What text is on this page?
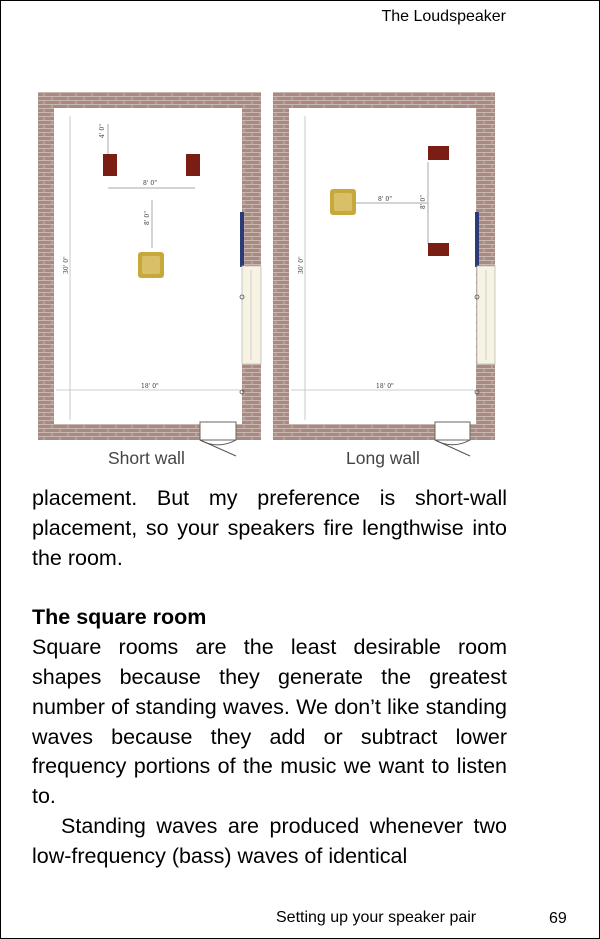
The Loudspeaker
4' 0"
8' 0"
8' 0"
30' 0"
18' 0"
8' 0"	8' 0"
30' 0"
18' 0"
Short wall	Long wall

placement. But my preference is short-wall placement, so your speakers fire lengthwise into the room.

The square room

Square rooms are the least desirable room shapes because they generate the greatest number of standing waves. We don’t like standing waves because they add or subtract lower frequency portions of the music we want to listen to.

Standing waves are produced whenever two low-frequency (bass) waves of identical

Setting up your speaker pair	69
